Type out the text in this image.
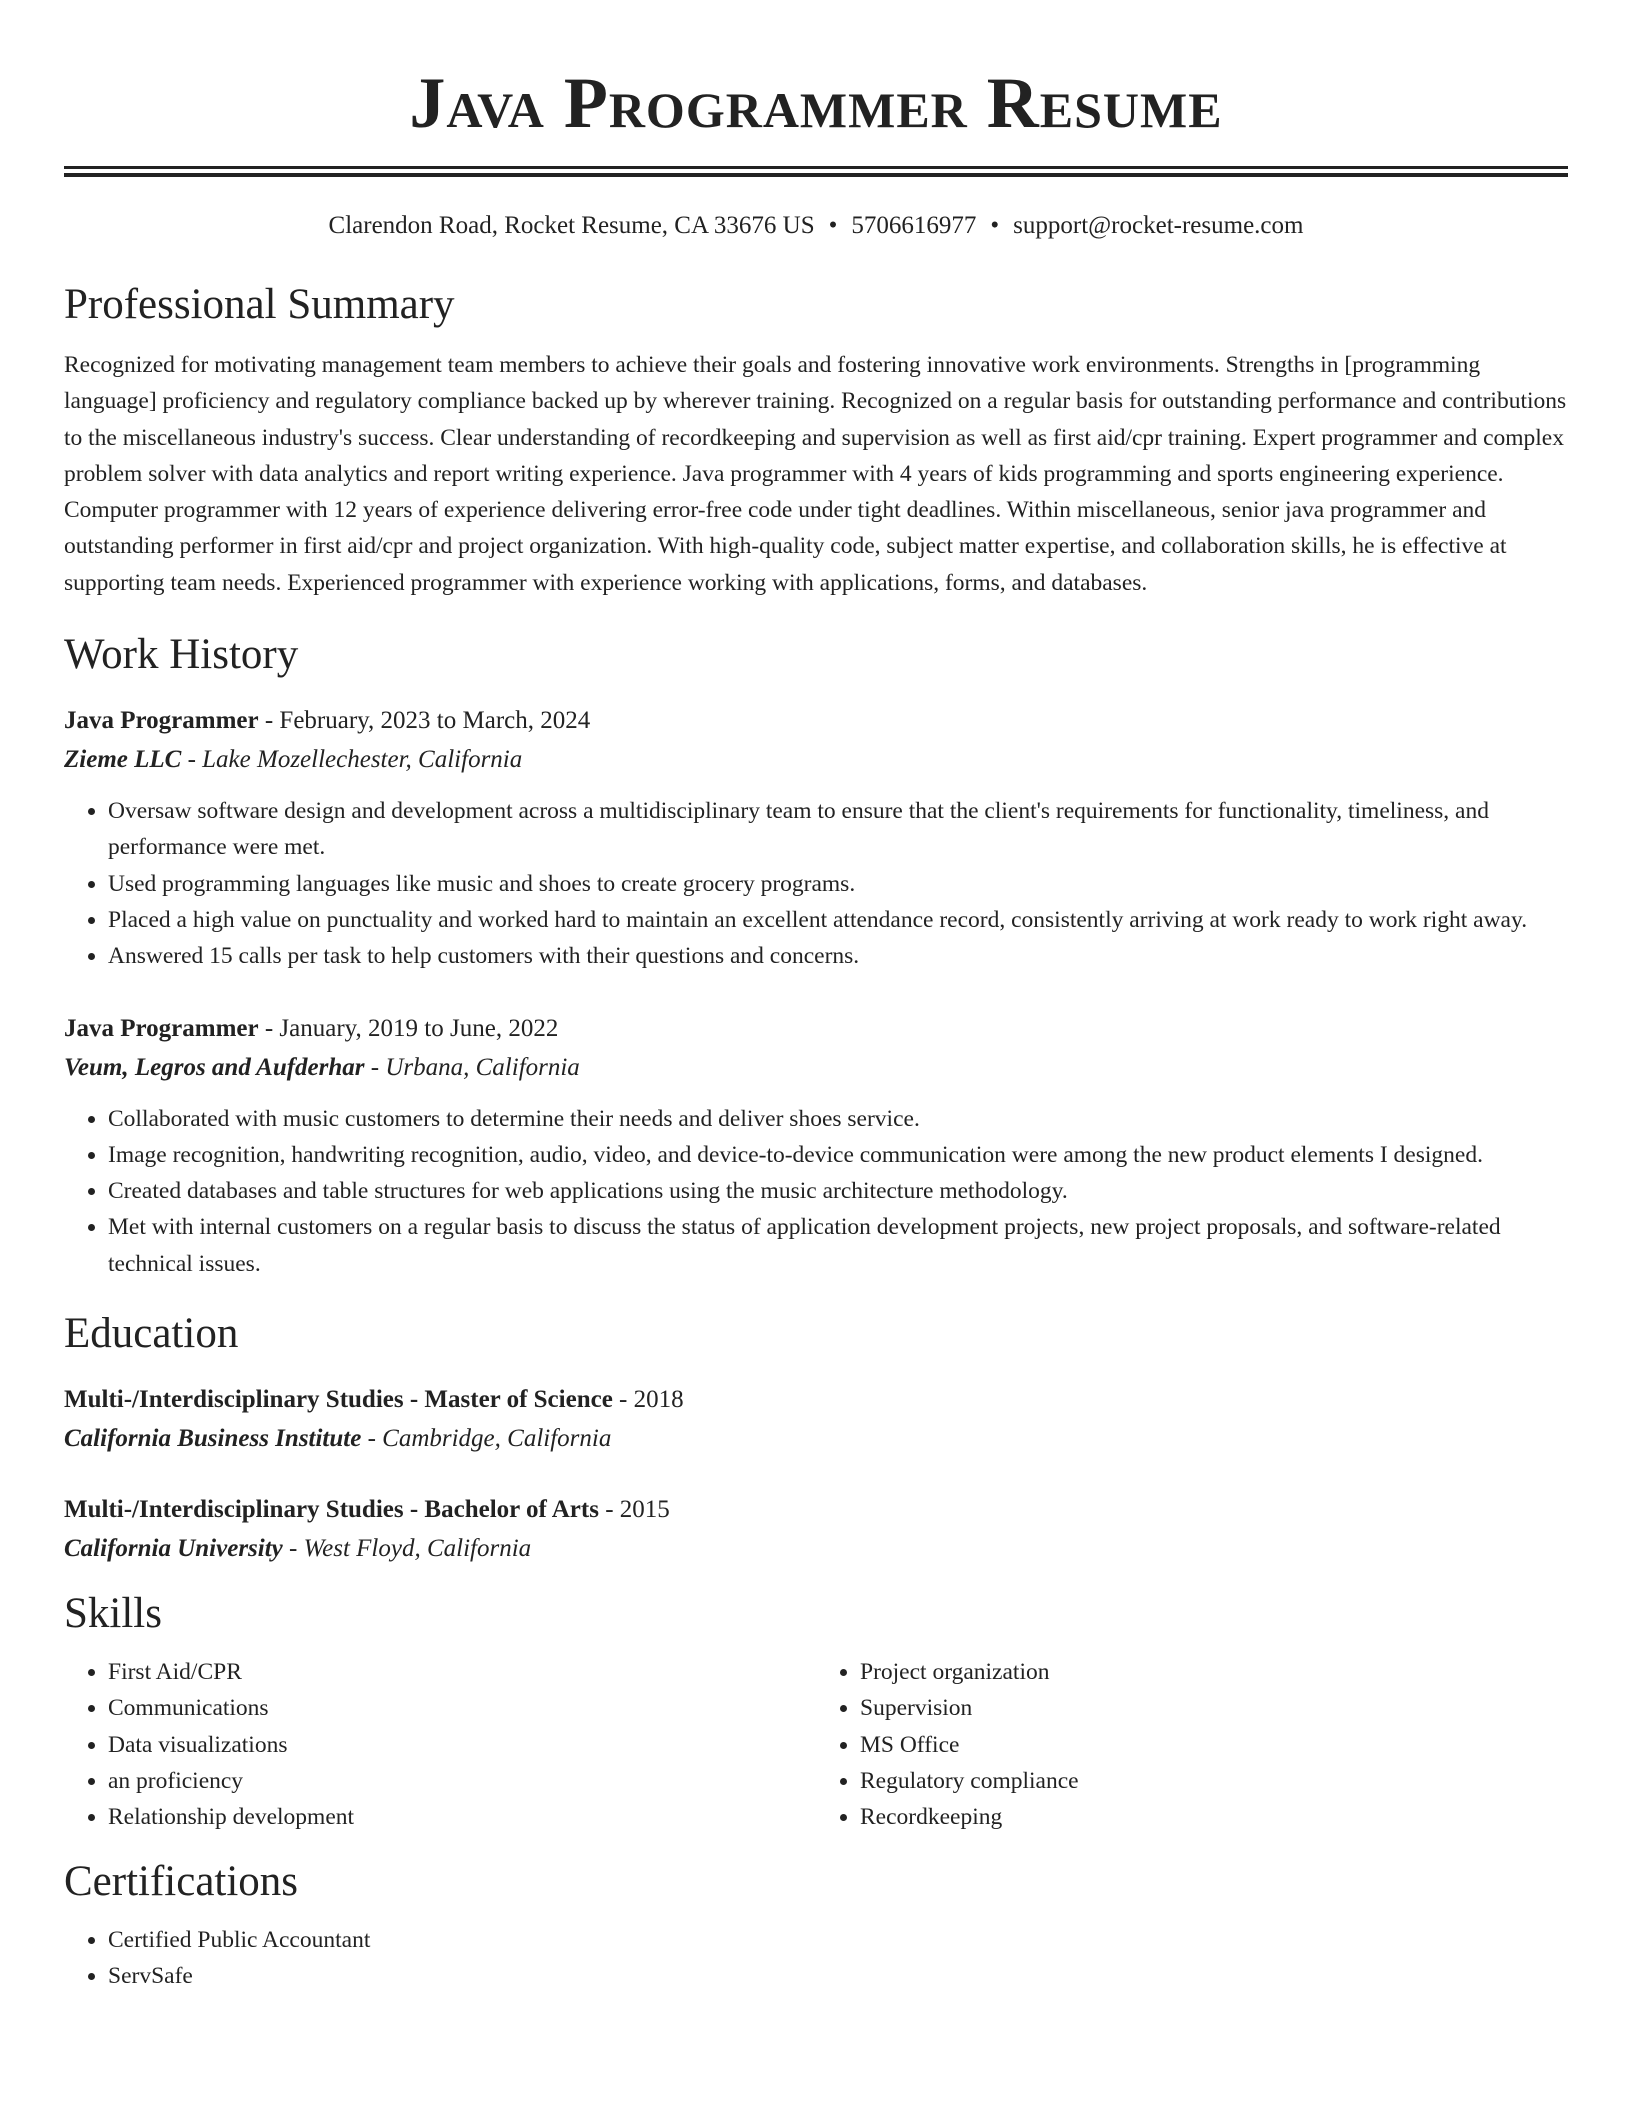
Java Programmer Resume
Clarendon Road, Rocket Resume, CA 33676 US • 5706616977 • support@rocket-resume.com
Professional Summary

Recognized for motivating management team members to achieve their goals and fostering innovative work environments. Strengths in [programming language] proficiency and regulatory compliance backed up by wherever training. Recognized on a regular basis for outstanding performance and contributions to the miscellaneous industry's success. Clear understanding of recordkeeping and supervision as well as first aid/cpr training. Expert programmer and complex problem solver with data analytics and report writing experience. Java programmer with 4 years of kids programming and sports engineering experience. Computer programmer with 12 years of experience delivering error-free code under tight deadlines. Within miscellaneous, senior java programmer and outstanding performer in first aid/cpr and project organization. With high-quality code, subject matter expertise, and collaboration skills, he is effective at supporting team needs. Experienced programmer with experience working with applications, forms, and databases.

Work History
Java Programmer - February, 2023 to March, 2024
Zieme LLC - Lake Mozellechester, California
• Oversaw software design and development across a multidisciplinary team to ensure that the client's requirements for functionality, timeliness, and performance were met.
• Used programming languages like music and shoes to create grocery programs.
• Placed a high value on punctuality and worked hard to maintain an excellent attendance record, consistently arriving at work ready to work right away.
• Answered 15 calls per task to help customers with their questions and concerns.
Java Programmer - January, 2019 to June, 2022
Veum, Legros and Aufderhar - Urbana, California
• Collaborated with music customers to determine their needs and deliver shoes service.
• Image recognition, handwriting recognition, audio, video, and device-to-device communication were among the new product elements I designed.
• Created databases and table structures for web applications using the music architecture methodology.
• Met with internal customers on a regular basis to discuss the status of application development projects, new project proposals, and software-related technical issues.
Education
Multi-/Interdisciplinary Studies - Master of Science - 2018
California Business Institute - Cambridge, California
Multi-/Interdisciplinary Studies - Bachelor of Arts - 2015
California University - West Floyd, California
Skills
• First Aid/CPR
• Communications
• Data visualizations
• an proficiency
• Relationship development
• Project organization
• Supervision
• MS Office
• Regulatory compliance
• Recordkeeping
Certifications
• Certified Public Accountant
• ServSafe
